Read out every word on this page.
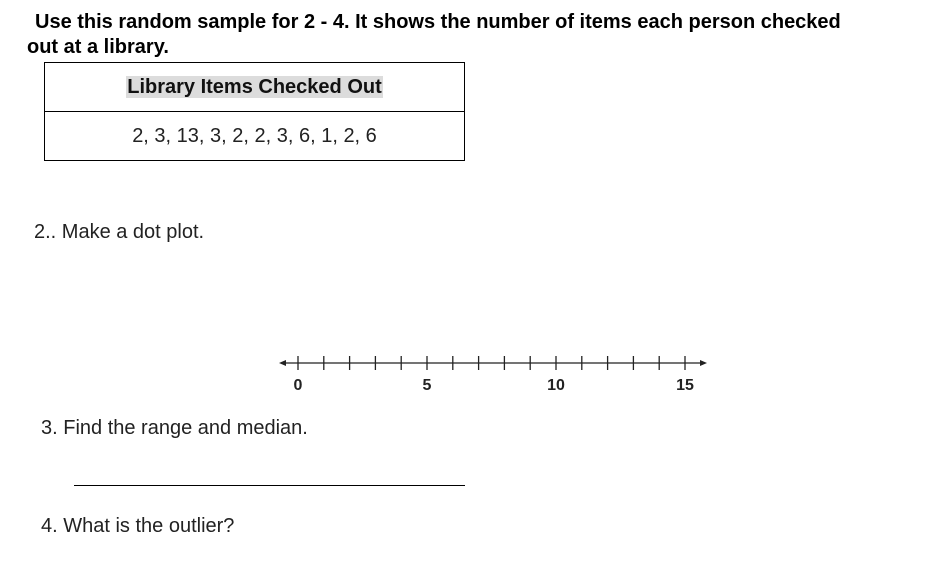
Use this random sample for 2 - 4. It shows the number of items each person checked
out at a library.
Library Items Checked Out
2, 3, 13, 3, 2, 2, 3, 6, 1, 2, 6
2.. Make a dot plot.
0	5	10	15
3. Find the range and median.
4. What is the outlier?
